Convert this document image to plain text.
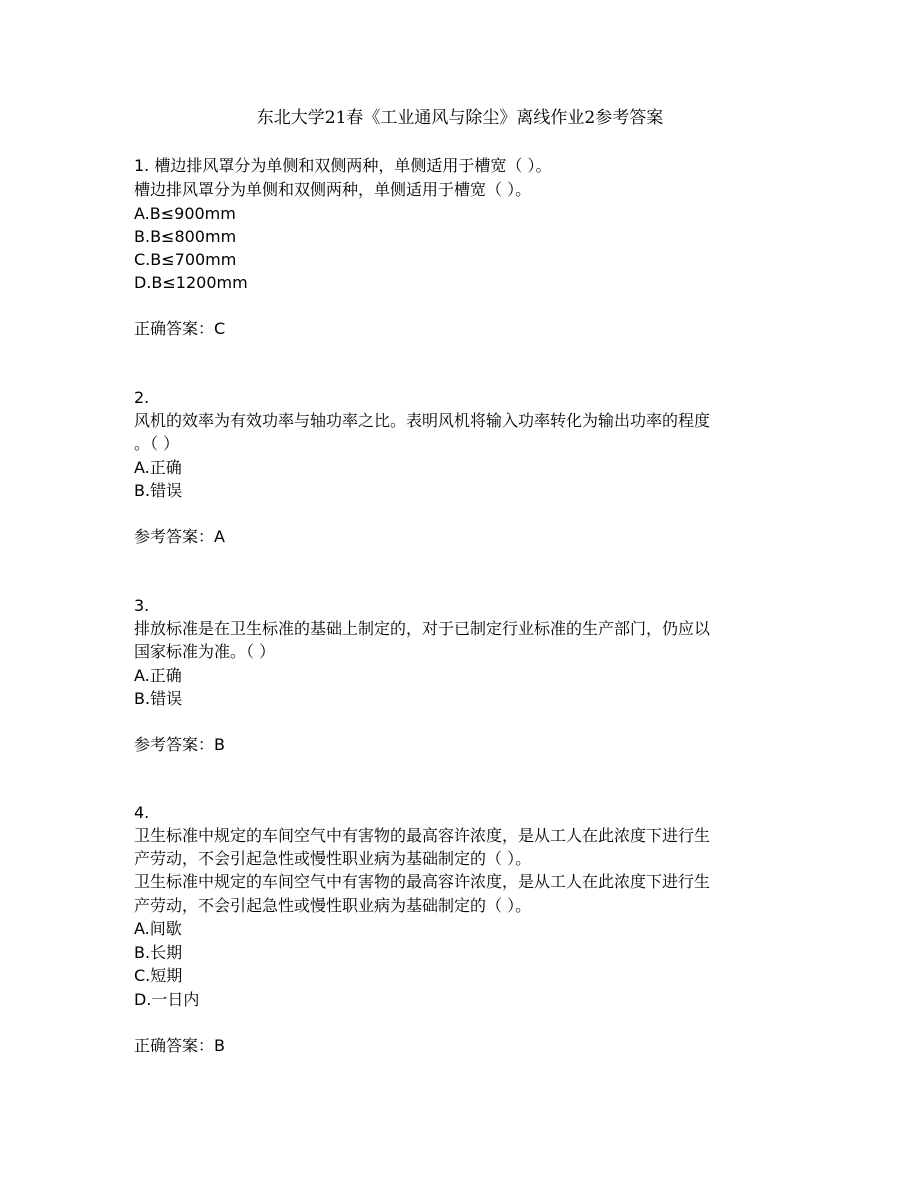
东北大学21春《工业通风与除尘》离线作业2参考答案
1. 槽边排风罩分为单侧和双侧两种，单侧适用于槽宽（ ）。
槽边排风罩分为单侧和双侧两种，单侧适用于槽宽（ ）。
A.B≤900mm
B.B≤800mm
C.B≤700mm
D.B≤1200mm
正确答案：C
2.
风机的效率为有效功率与轴功率之比。表明风机将输入功率转化为输出功率的程度
。（ ）
A.正确
B.错误
参考答案：A
3.
排放标准是在卫生标准的基础上制定的，对于已制定行业标准的生产部门，仍应以
国家标准为准。（ ）
A.正确
B.错误
参考答案：B
4.
卫生标准中规定的车间空气中有害物的最高容许浓度，是从工人在此浓度下进行生
产劳动，不会引起急性或慢性职业病为基础制定的（ ）。
卫生标准中规定的车间空气中有害物的最高容许浓度，是从工人在此浓度下进行生
产劳动，不会引起急性或慢性职业病为基础制定的（ ）。
A.间歇
B.长期
C.短期
D.一日内
正确答案：B
